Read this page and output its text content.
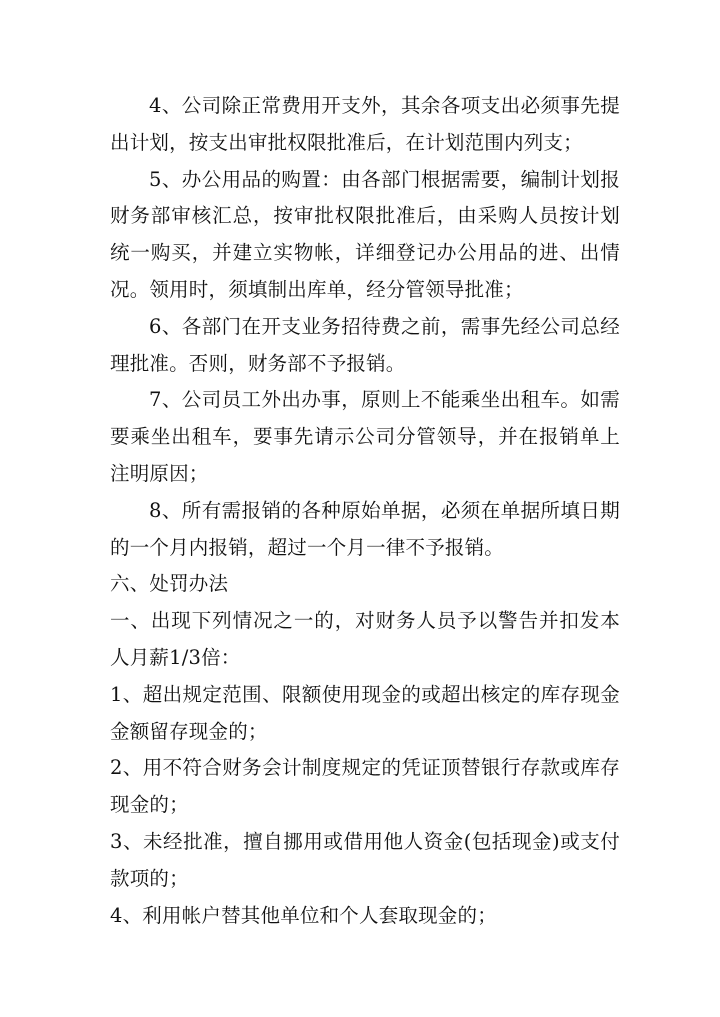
4、公司除正常费用开支外，其余各项支出必须事先提出计划，按支出审批权限批准后，在计划范围内列支；

5、办公用品的购置：由各部门根据需要，编制计划报财务部审核汇总，按审批权限批准后，由采购人员按计划统一购买，并建立实物帐，详细登记办公用品的进、出情况。领用时，须填制出库单，经分管领导批准；

6、各部门在开支业务招待费之前，需事先经公司总经理批准。否则，财务部不予报销。

7、公司员工外出办事，原则上不能乘坐出租车。如需要乘坐出租车，要事先请示公司分管领导，并在报销单上注明原因；

8、所有需报销的各种原始单据，必须在单据所填日期的一个月内报销，超过一个月一律不予报销。

六、处罚办法

一、出现下列情况之一的，对财务人员予以警告并扣发本人月薪1/3倍：

1、超出规定范围、限额使用现金的或超出核定的库存现金金额留存现金的；

2、用不符合财务会计制度规定的凭证顶替银行存款或库存现金的；

3、未经批准，擅自挪用或借用他人资金(包括现金)或支付款项的；

4、利用帐户替其他单位和个人套取现金的；
